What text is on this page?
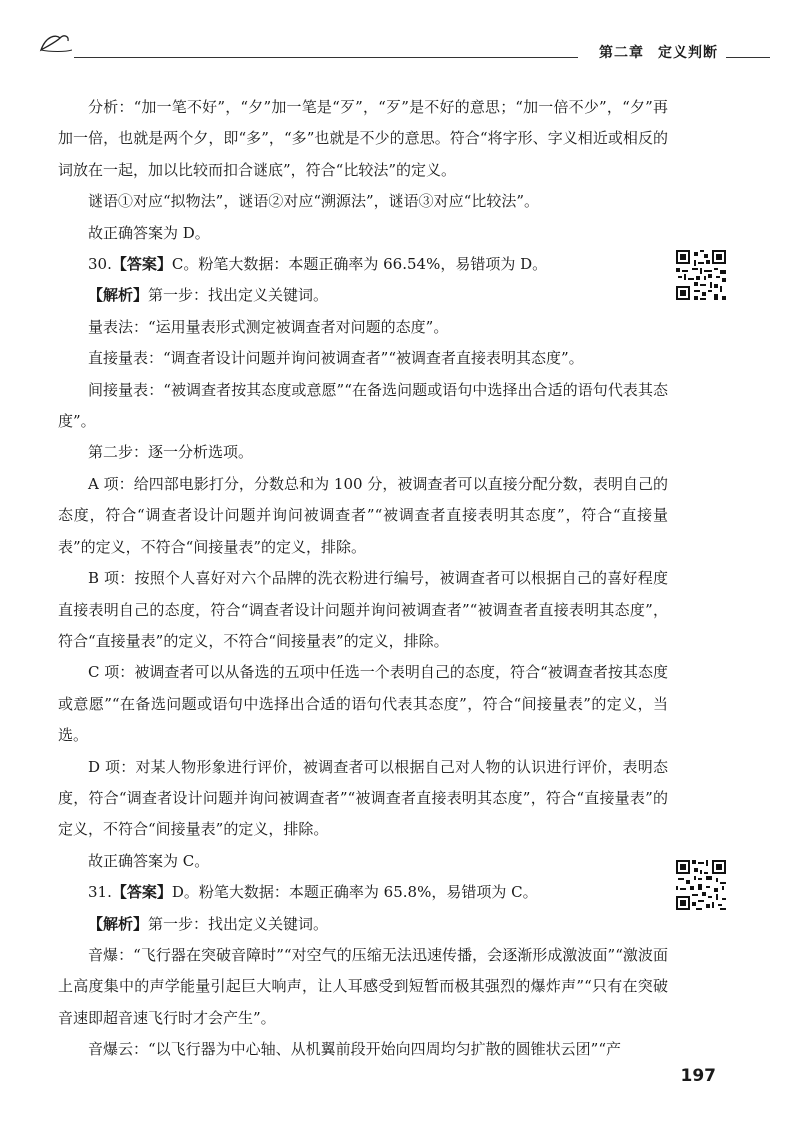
第二章 定义判断

分析：“加一笔不好”，“夕”加一笔是“歹”，“歹”是不好的意思；“加一倍不少”，“夕”再加一倍，也就是两个夕，即“多”，“多”也就是不少的意思。符合“将字形、字义相近或相反的词放在一起，加以比较而扣合谜底”，符合“比较法”的定义。

谜语①对应“拟物法”，谜语②对应“溯源法”，谜语③对应“比较法”。

故正确答案为 D。

30.【答案】C。粉笔大数据：本题正确率为 66.54%，易错项为 D。

【解析】第一步：找出定义关键词。

量表法：“运用量表形式测定被调查者对问题的态度”。

直接量表：“调查者设计问题并询问被调查者”“被调查者直接表明其态度”。

间接量表：“被调查者按其态度或意愿”“在备选问题或语句中选择出合适的语句代表其态度”。

第二步：逐一分析选项。

A 项：给四部电影打分，分数总和为 100 分，被调查者可以直接分配分数，表明自己的态度，符合“调查者设计问题并询问被调查者”“被调查者直接表明其态度”，符合“直接量表”的定义，不符合“间接量表”的定义，排除。

B 项：按照个人喜好对六个品牌的洗衣粉进行编号，被调查者可以根据自己的喜好程度直接表明自己的态度，符合“调查者设计问题并询问被调查者”“被调查者直接表明其态度”，符合“直接量表”的定义，不符合“间接量表”的定义，排除。

C 项：被调查者可以从备选的五项中任选一个表明自己的态度，符合“被调查者按其态度或意愿”“在备选问题或语句中选择出合适的语句代表其态度”，符合“间接量表”的定义，当选。

D 项：对某人物形象进行评价，被调查者可以根据自己对人物的认识进行评价，表明态度，符合“调查者设计问题并询问被调查者”“被调查者直接表明其态度”，符合“直接量表”的定义，不符合“间接量表”的定义，排除。

故正确答案为 C。

31.【答案】D。粉笔大数据：本题正确率为 65.8%，易错项为 C。

【解析】第一步：找出定义关键词。

音爆：“飞行器在突破音障时”“对空气的压缩无法迅速传播，会逐渐形成激波面”“激波面上高度集中的声学能量引起巨大响声，让人耳感受到短暂而极其强烈的爆炸声”“只有在突破音速即超音速飞行时才会产生”。

音爆云：“以飞行器为中心轴、从机翼前段开始向四周均匀扩散的圆锥状云团”“产

197
